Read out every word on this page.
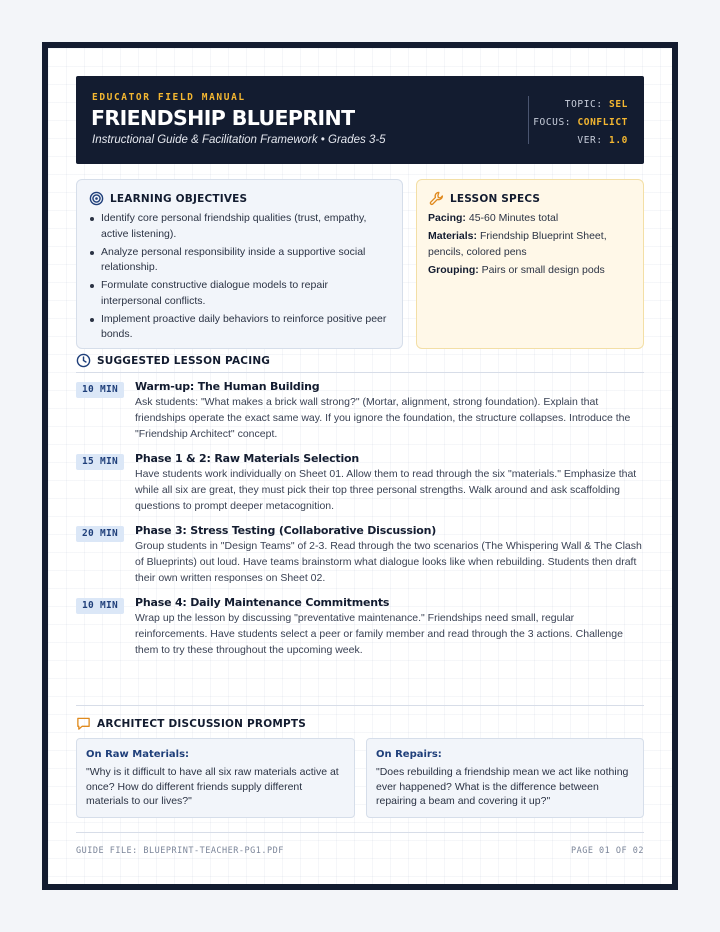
EDUCATOR FIELD MANUAL
FRIENDSHIP BLUEPRINT
Instructional Guide & Facilitation Framework • Grades 3-5
TOPIC: SEL
FOCUS: CONFLICT
VER: 1.0
LEARNING OBJECTIVES
Identify core personal friendship qualities (trust, empathy, active listening).
Analyze personal responsibility inside a supportive social relationship.
Formulate constructive dialogue models to repair interpersonal conflicts.
Implement proactive daily behaviors to reinforce positive peer bonds.
LESSON SPECS
Pacing: 45-60 Minutes total
Materials: Friendship Blueprint Sheet, pencils, colored pens
Grouping: Pairs or small design pods
SUGGESTED LESSON PACING
10 MIN	Warm-up: The Human Building
Ask students: "What makes a brick wall strong?" (Mortar, alignment, strong foundation). Explain that friendships operate the exact same way. If you ignore the foundation, the structure collapses. Introduce the "Friendship Architect" concept.
15 MIN	Phase 1 & 2: Raw Materials Selection
Have students work individually on Sheet 01. Allow them to read through the six "materials." Emphasize that while all six are great, they must pick their top three personal strengths. Walk around and ask scaffolding questions to prompt deeper metacognition.
20 MIN	Phase 3: Stress Testing (Collaborative Discussion)
Group students in "Design Teams" of 2-3. Read through the two scenarios (The Whispering Wall & The Clash of Blueprints) out loud. Have teams brainstorm what dialogue looks like when rebuilding. Students then draft their own written responses on Sheet 02.
10 MIN	Phase 4: Daily Maintenance Commitments
Wrap up the lesson by discussing "preventative maintenance." Friendships need small, regular reinforcements. Have students select a peer or family member and read through the 3 actions. Challenge them to try these throughout the upcoming week.
ARCHITECT DISCUSSION PROMPTS
On Raw Materials:
"Why is it difficult to have all six raw materials active at once? How do different friends supply different materials to our lives?"
On Repairs:
"Does rebuilding a friendship mean we act like nothing ever happened? What is the difference between repairing a beam and covering it up?"
GUIDE FILE: BLUEPRINT-TEACHER-PG1.PDF	PAGE 01 OF 02
